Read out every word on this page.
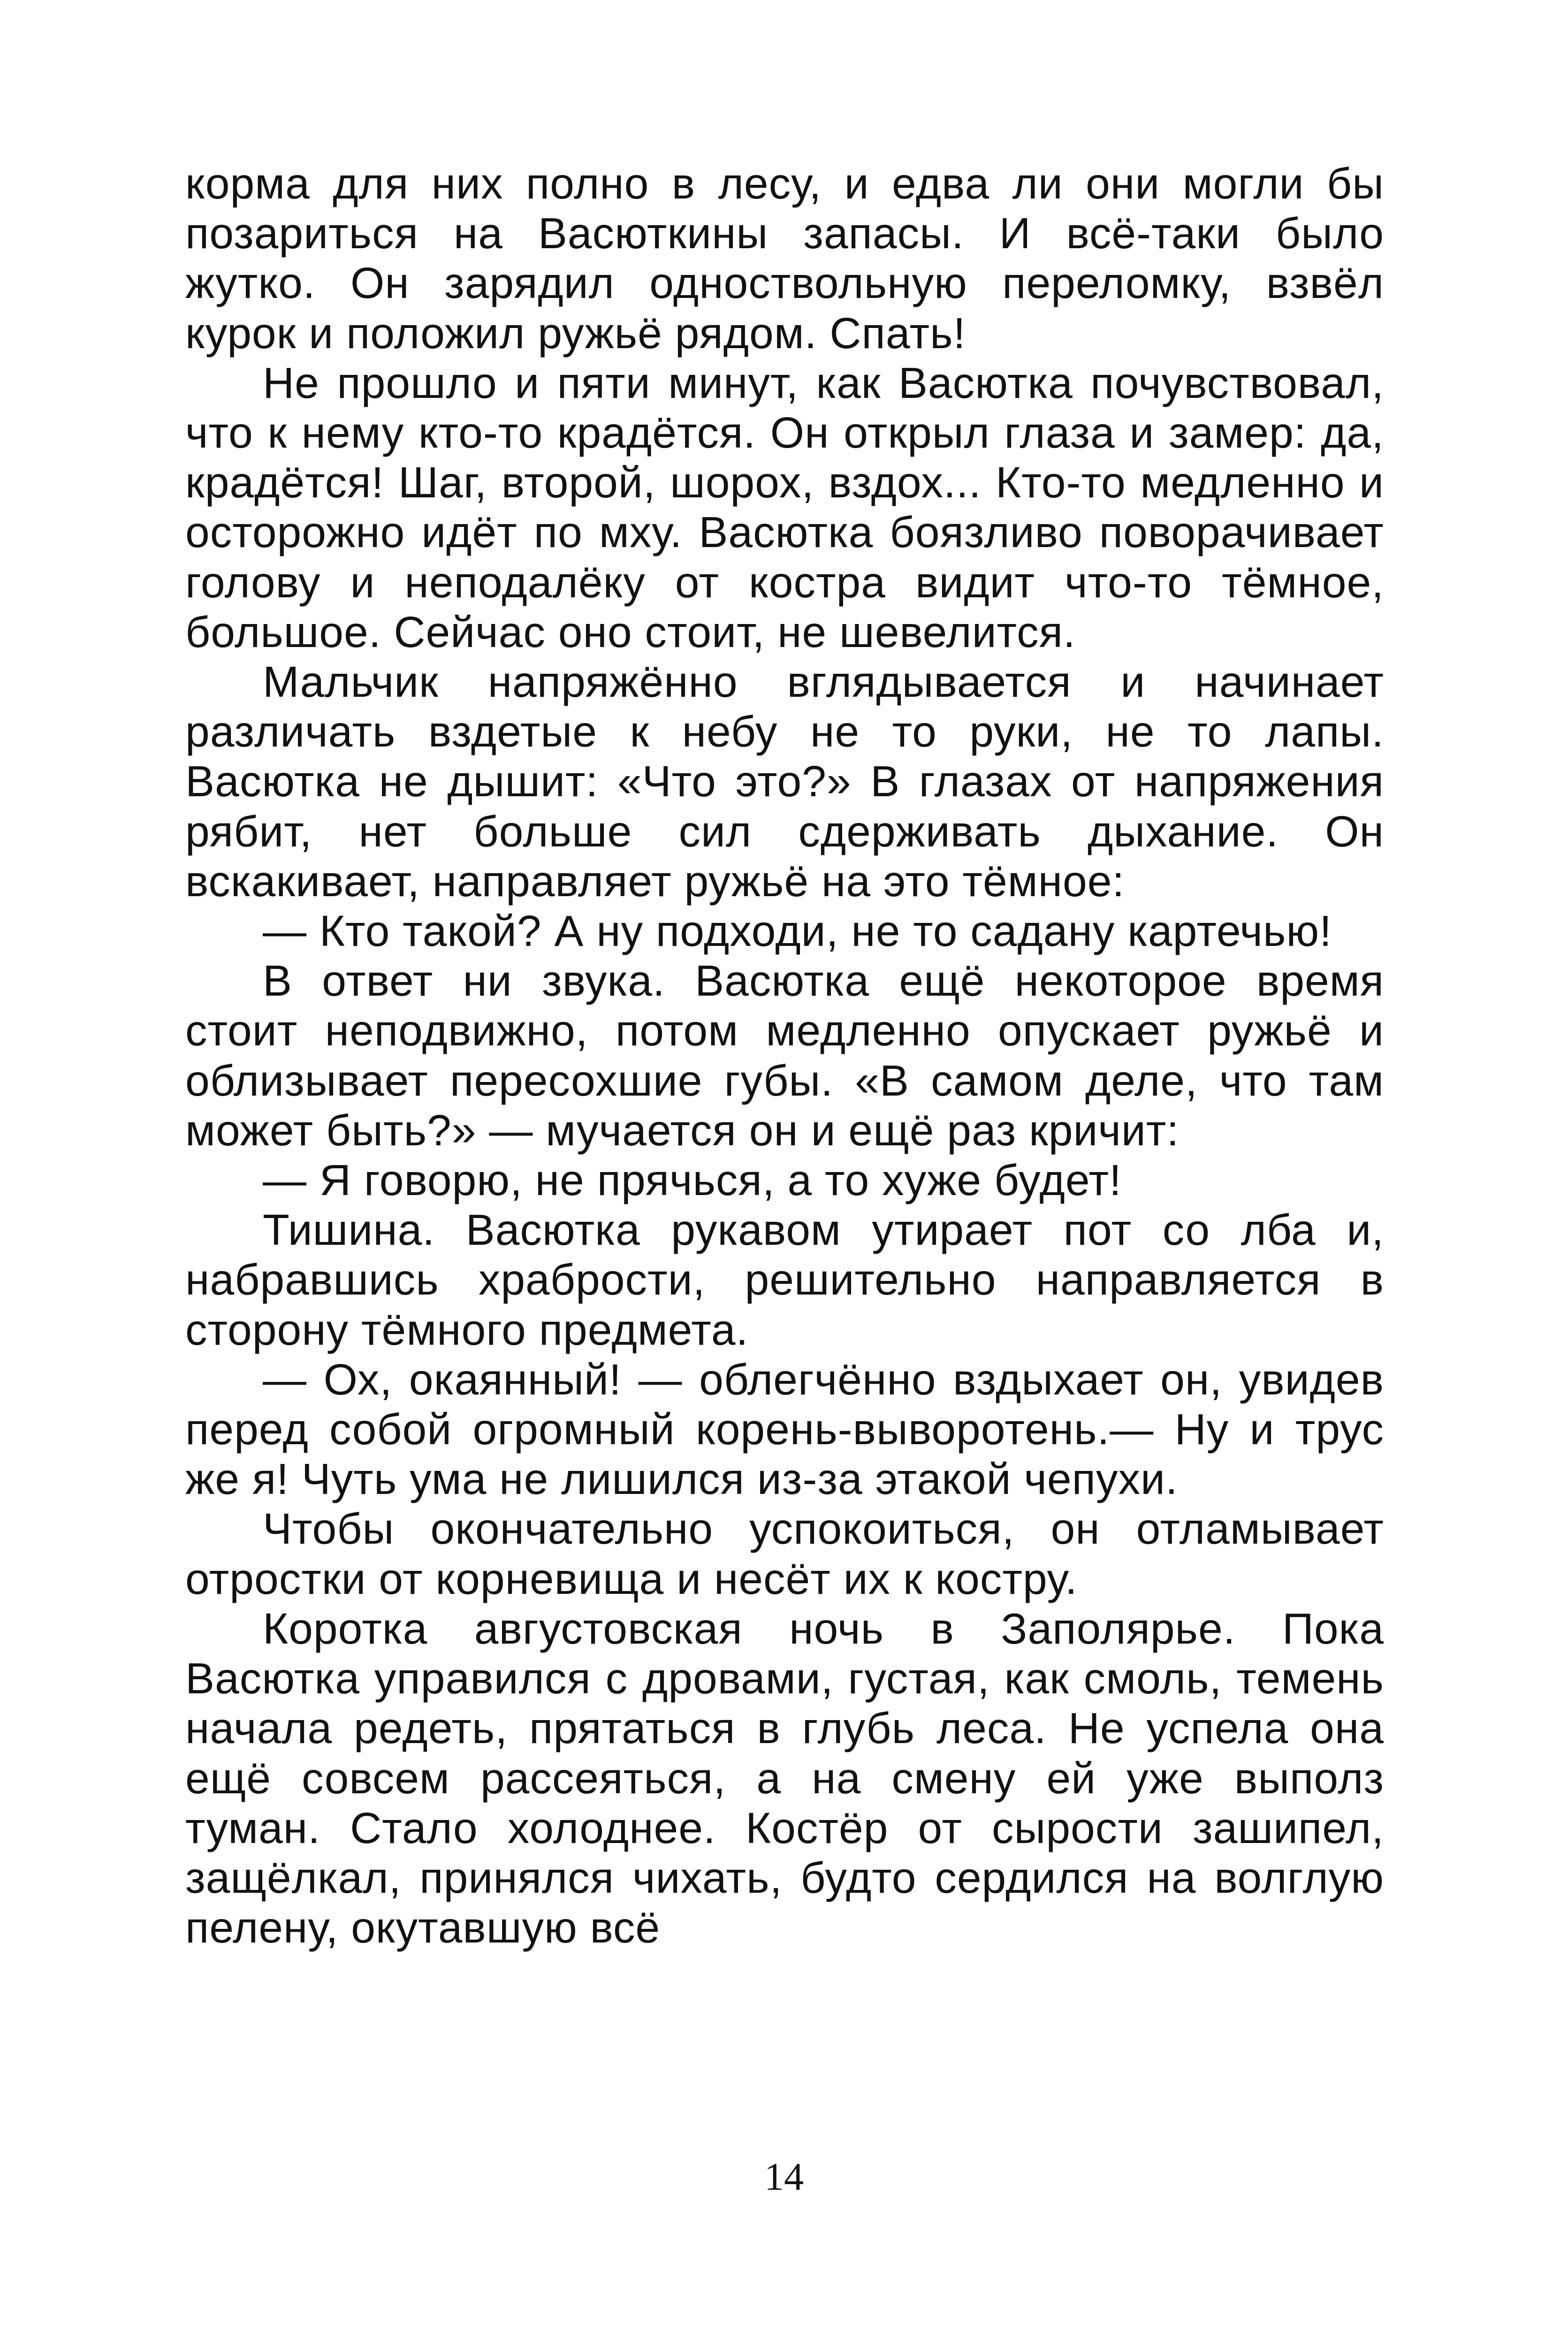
корма для них полно в лесу, и едва ли они могли бы позариться на Васюткины запасы. И всё-таки было жутко. Он зарядил одноствольную переломку, взвёл курок и положил ружьё рядом. Спать!

Не прошло и пяти минут, как Васютка почувствовал, что к нему кто-то крадётся. Он открыл глаза и замер: да, крадётся! Шаг, второй, шорох, вздох... Кто-то медленно и осторожно идёт по мху. Васютка боязливо поворачивает голову и неподалёку от костра видит что-то тёмное, большое. Сейчас оно стоит, не шевелится.

Мальчик напряжённо вглядывается и начинает различать вздетые к небу не то руки, не то лапы. Васютка не дышит: «Что это?» В глазах от напряжения рябит, нет больше сил сдерживать дыхание. Он вскакивает, направляет ружьё на это тёмное:

— Кто такой? А ну подходи, не то садану картечью!

В ответ ни звука. Васютка ещё некоторое время стоит неподвижно, потом медленно опускает ружьё и облизывает пересохшие губы. «В самом деле, что там может быть?» — мучается он и ещё раз кричит:

— Я говорю, не прячься, а то хуже будет!

Тишина. Васютка рукавом утирает пот со лба и, набравшись храбрости, решительно направляется в сторону тёмного предмета.

— Ох, окаянный! — облегчённо вздыхает он, увидев перед собой огромный корень-выворотень.— Ну и трус же я! Чуть ума не лишился из-за этакой чепухи.

Чтобы окончательно успокоиться, он отламывает отростки от корневища и несёт их к костру.

Коротка августовская ночь в Заполярье. Пока Васютка управился с дровами, густая, как смоль, темень начала редеть, прятаться в глубь леса. Не успела она ещё совсем рассеяться, а на смену ей уже выполз туман. Стало холоднее. Костёр от сырости зашипел, защёлкал, принялся чихать, будто сердился на волглую пелену, окутавшую всё

14
